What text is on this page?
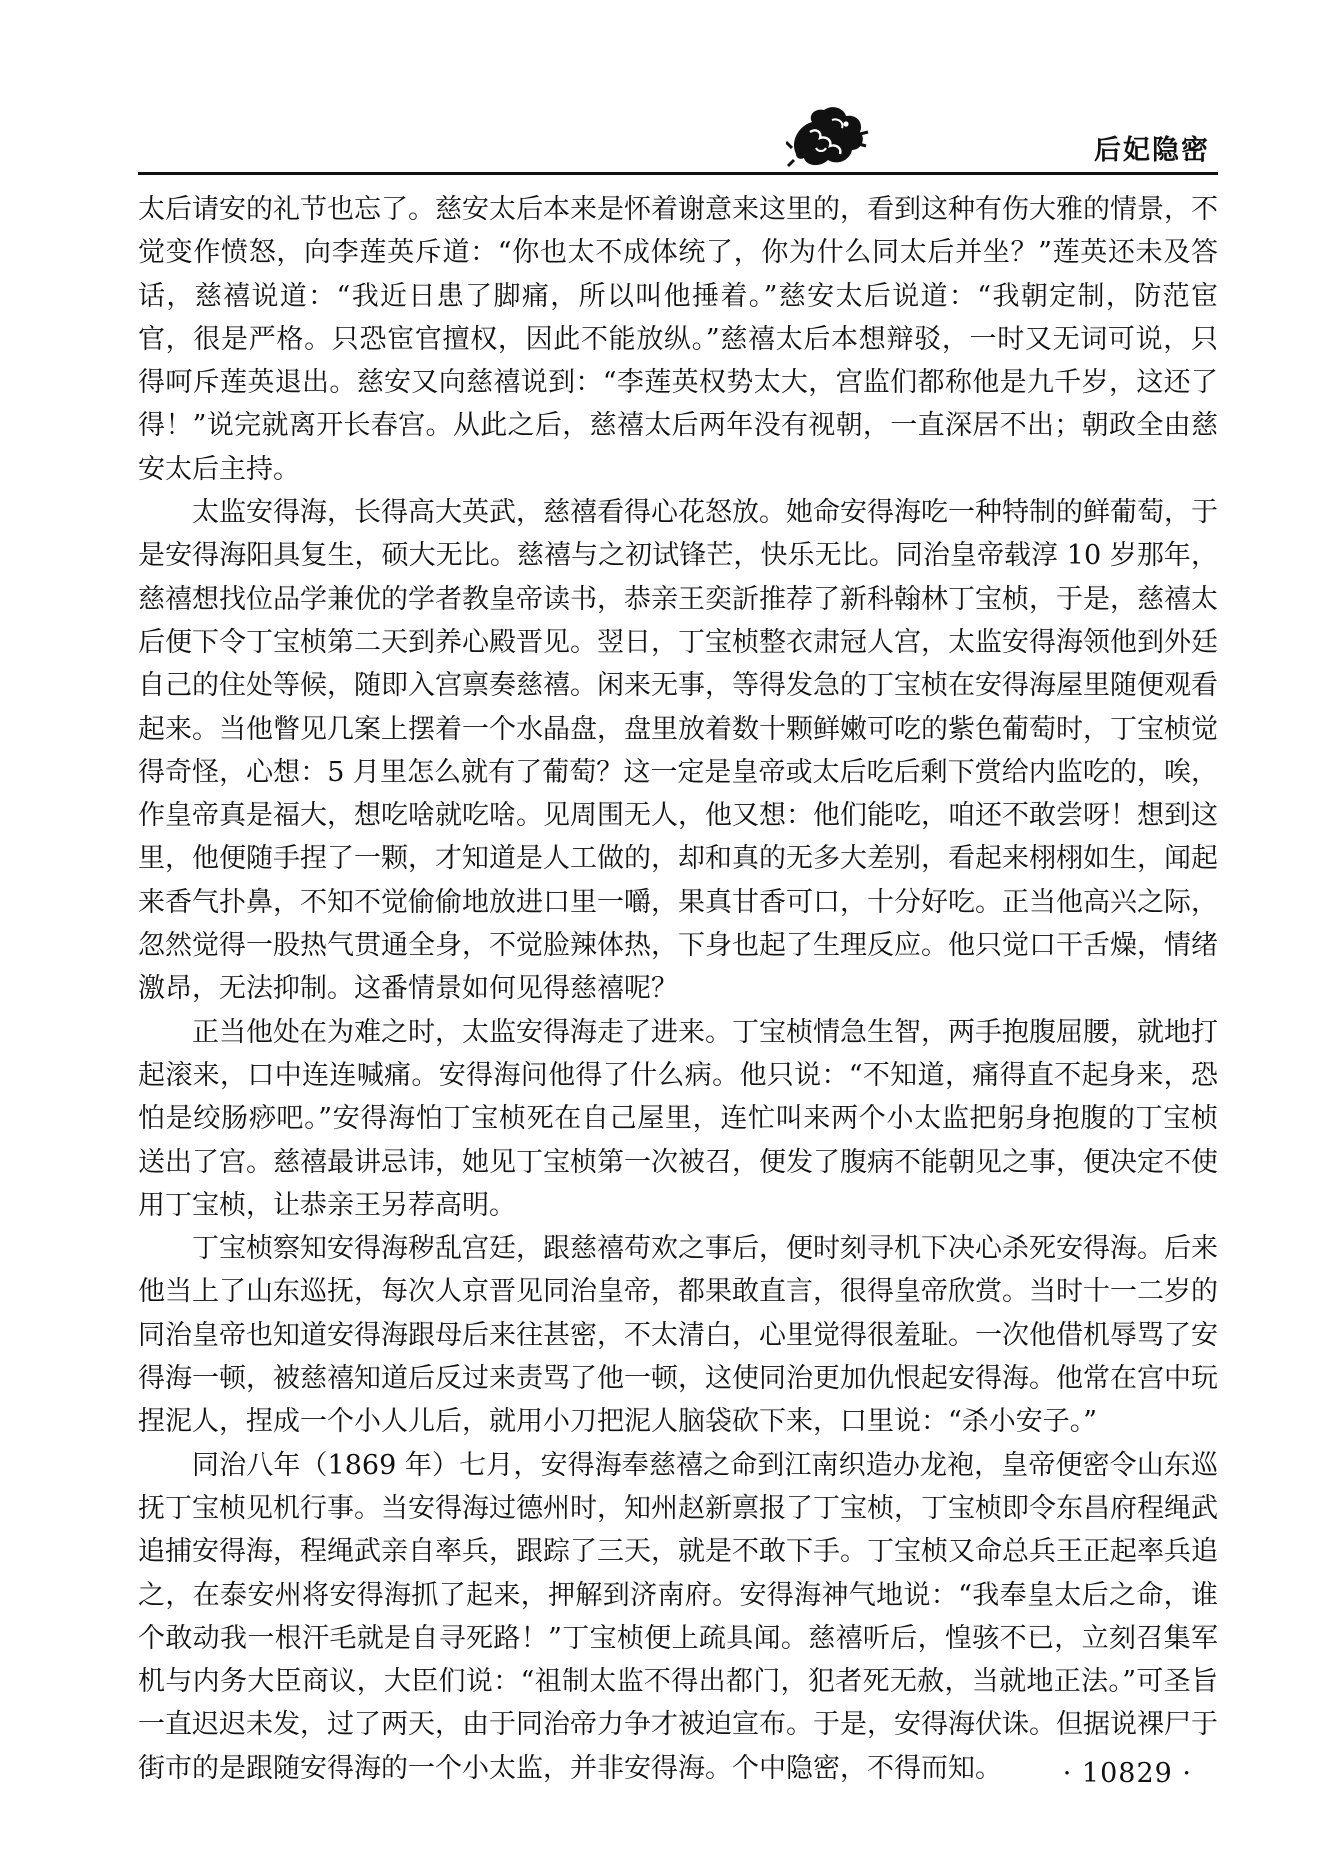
后妃隐密

太后请安的礼节也忘了。慈安太后本来是怀着谢意来这里的，看到这种有伤大雅的情景，不觉变作愤怒，向李莲英斥道：“你也太不成体统了，你为什么同太后并坐？”莲英还未及答话，慈禧说道：“我近日患了脚痛，所以叫他捶着。”慈安太后说道：“我朝定制，防范宦官，很是严格。只恐宦官擅权，因此不能放纵。”慈禧太后本想辩驳，一时又无词可说，只得呵斥莲英退出。慈安又向慈禧说到：“李莲英权势太大，宫监们都称他是九千岁，这还了得！”说完就离开长春宫。从此之后，慈禧太后两年没有视朝，一直深居不出；朝政全由慈安太后主持。

太监安得海，长得高大英武，慈禧看得心花怒放。她命安得海吃一种特制的鲜葡萄，于是安得海阳具复生，硕大无比。慈禧与之初试锋芒，快乐无比。同治皇帝载淳 10 岁那年，慈禧想找位品学兼优的学者教皇帝读书，恭亲王奕訢推荐了新科翰林丁宝桢，于是，慈禧太后便下令丁宝桢第二天到养心殿晋见。翌日，丁宝桢整衣肃冠人宫，太监安得海领他到外廷自己的住处等候，随即入宫禀奏慈禧。闲来无事，等得发急的丁宝桢在安得海屋里随便观看起来。当他瞥见几案上摆着一个水晶盘，盘里放着数十颗鲜嫩可吃的紫色葡萄时，丁宝桢觉得奇怪，心想：5 月里怎么就有了葡萄？这一定是皇帝或太后吃后剩下赏给内监吃的，唉，作皇帝真是福大，想吃啥就吃啥。见周围无人，他又想：他们能吃，咱还不敢尝呀！想到这里，他便随手捏了一颗，才知道是人工做的，却和真的无多大差别，看起来栩栩如生，闻起来香气扑鼻，不知不觉偷偷地放进口里一嚼，果真甘香可口，十分好吃。正当他高兴之际，忽然觉得一股热气贯通全身，不觉脸辣体热，下身也起了生理反应。他只觉口干舌燥，情绪激昂，无法抑制。这番情景如何见得慈禧呢？

正当他处在为难之时，太监安得海走了进来。丁宝桢情急生智，两手抱腹屈腰，就地打起滚来，口中连连喊痛。安得海问他得了什么病。他只说：“不知道，痛得直不起身来，恐怕是绞肠痧吧。”安得海怕丁宝桢死在自己屋里，连忙叫来两个小太监把躬身抱腹的丁宝桢送出了宫。慈禧最讲忌讳，她见丁宝桢第一次被召，便发了腹病不能朝见之事，便决定不使用丁宝桢，让恭亲王另荐高明。

丁宝桢察知安得海秽乱宫廷，跟慈禧苟欢之事后，便时刻寻机下决心杀死安得海。后来他当上了山东巡抚，每次人京晋见同治皇帝，都果敢直言，很得皇帝欣赏。当时十一二岁的同治皇帝也知道安得海跟母后来往甚密，不太清白，心里觉得很羞耻。一次他借机辱骂了安得海一顿，被慈禧知道后反过来责骂了他一顿，这使同治更加仇恨起安得海。他常在宫中玩捏泥人，捏成一个小人儿后，就用小刀把泥人脑袋砍下来，口里说：“杀小安子。”

同治八年（1869 年）七月，安得海奉慈禧之命到江南织造办龙袍，皇帝便密令山东巡抚丁宝桢见机行事。当安得海过德州时，知州赵新禀报了丁宝桢，丁宝桢即令东昌府程绳武追捕安得海，程绳武亲自率兵，跟踪了三天，就是不敢下手。丁宝桢又命总兵王正起率兵追之，在泰安州将安得海抓了起来，押解到济南府。安得海神气地说：“我奉皇太后之命，谁个敢动我一根汗毛就是自寻死路！”丁宝桢便上疏具闻。慈禧听后，惶骇不已，立刻召集军机与内务大臣商议，大臣们说：“祖制太监不得出都门，犯者死无赦，当就地正法。”可圣旨一直迟迟未发，过了两天，由于同治帝力争才被迫宣布。于是，安得海伏诛。但据说裸尸于街市的是跟随安得海的一个小太监，并非安得海。个中隐密，不得而知。	· 10829 ·
